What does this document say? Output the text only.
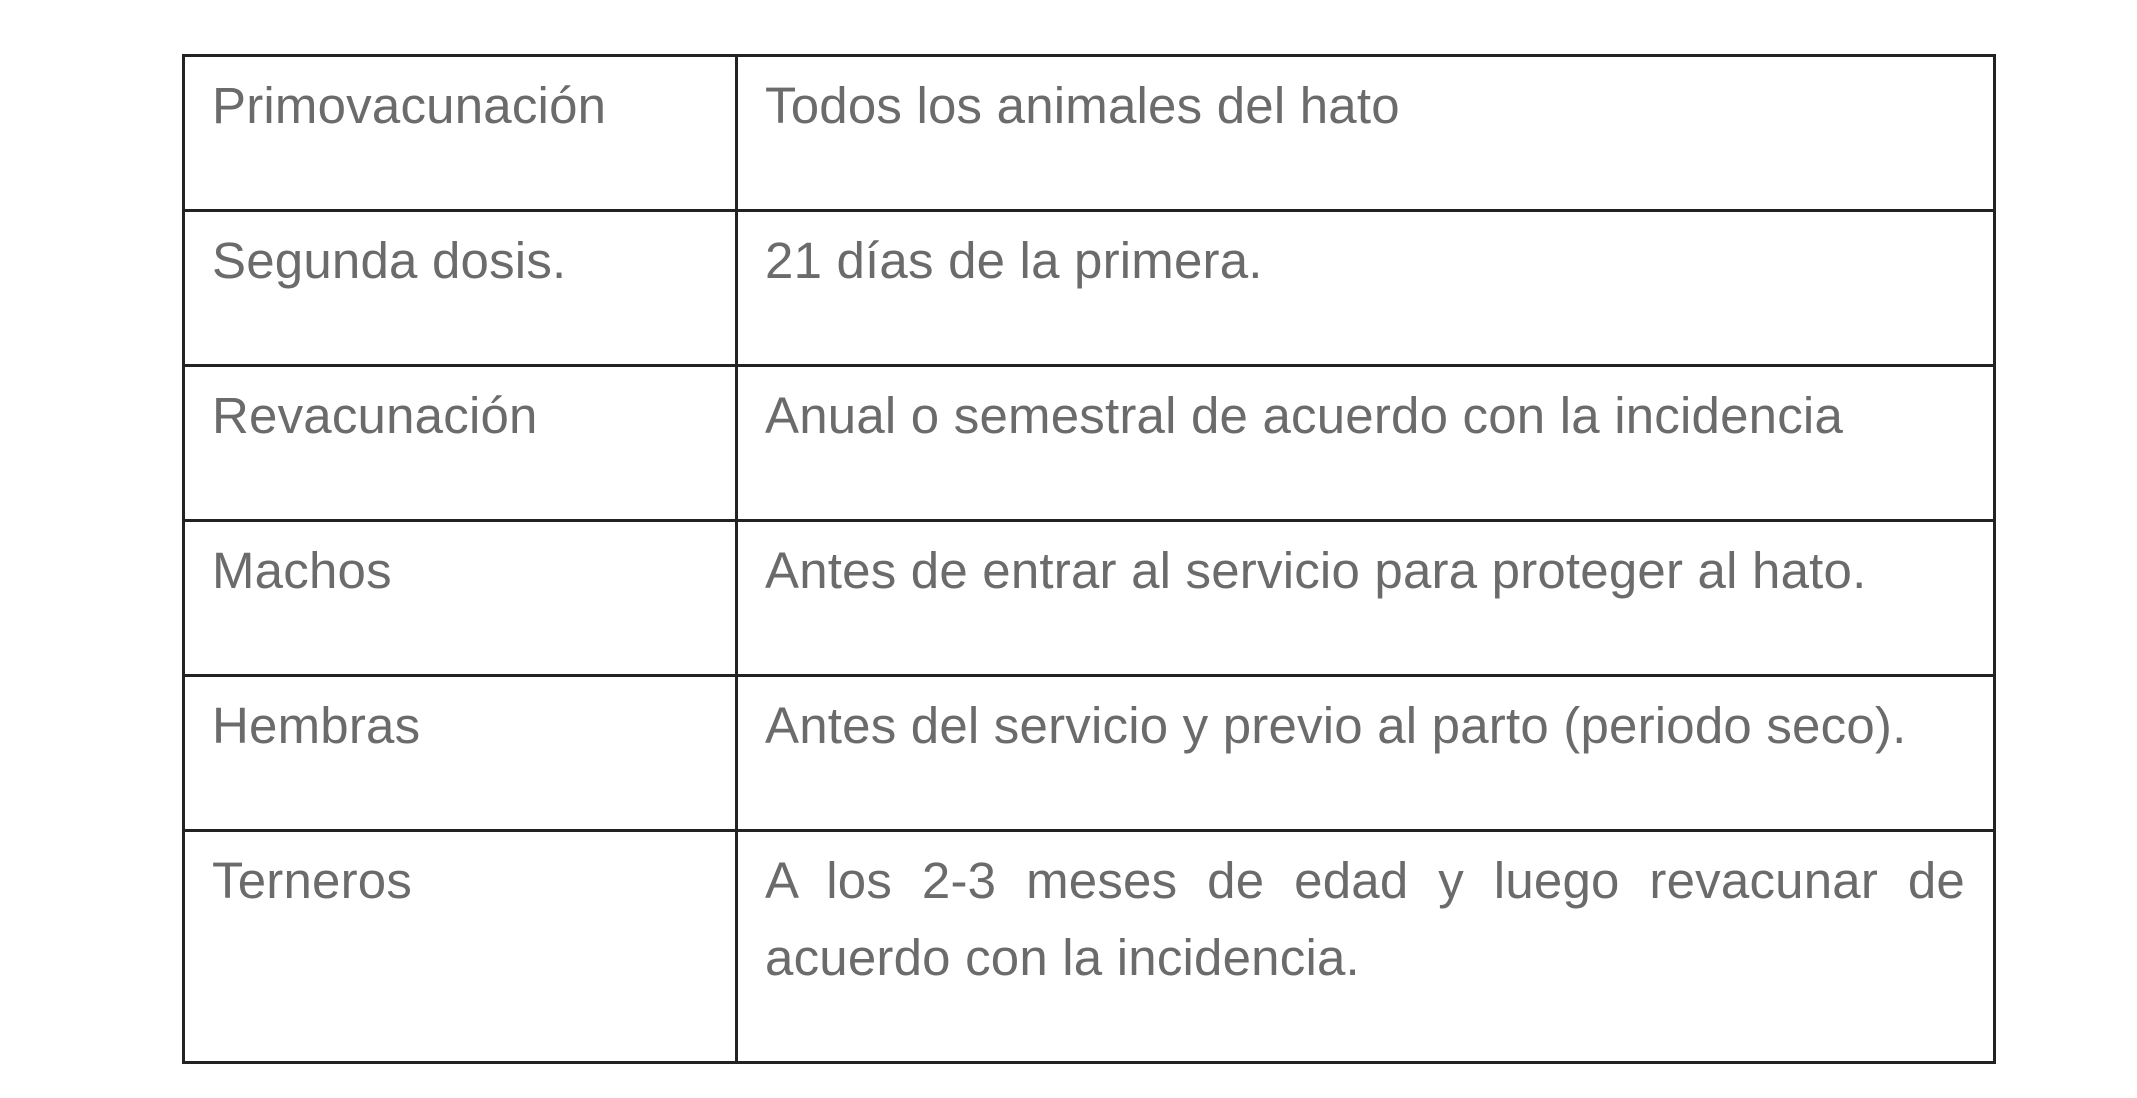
Primovacunación	Todos los animales del hato
Segunda dosis.	21 días de la primera.
Revacunación	Anual o semestral de acuerdo con la incidencia
Machos	Antes de entrar al servicio para proteger al hato.
Hembras	Antes del servicio y previo al parto (periodo seco).
Terneros	A los 2-3 meses de edad y luego revacunar de acuerdo con la incidencia.
